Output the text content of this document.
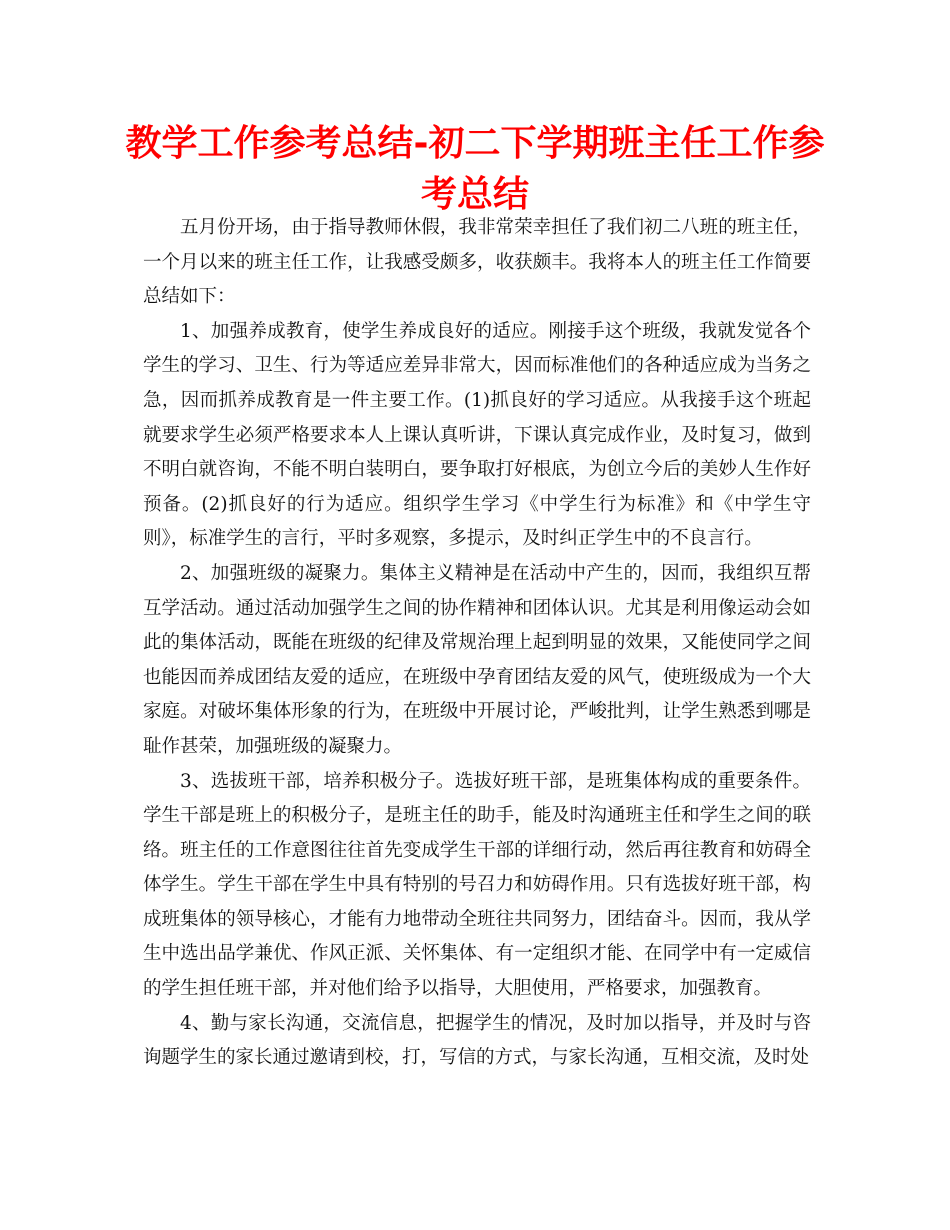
教学工作参考总结-初二下学期班主任工作参考总结

五月份开场，由于指导教师休假，我非常荣幸担任了我们初二八班的班主任，一个月以来的班主任工作，让我感受颇多，收获颇丰。我将本人的班主任工作简要总结如下：

1、加强养成教育，使学生养成良好的适应。刚接手这个班级，我就发觉各个学生的学习、卫生、行为等适应差异非常大，因而标准他们的各种适应成为当务之急，因而抓养成教育是一件主要工作。(1)抓良好的学习适应。从我接手这个班起就要求学生必须严格要求本人上课认真听讲，下课认真完成作业，及时复习，做到不明白就咨询，不能不明白装明白，要争取打好根底，为创立今后的美妙人生作好预备。(2)抓良好的行为适应。组织学生学习《中学生行为标准》和《中学生守则》，标准学生的言行，平时多观察，多提示，及时纠正学生中的不良言行。

2、加强班级的凝聚力。集体主义精神是在活动中产生的，因而，我组织互帮互学活动。通过活动加强学生之间的协作精神和团体认识。尤其是利用像运动会如此的集体活动，既能在班级的纪律及常规治理上起到明显的效果，又能使同学之间也能因而养成团结友爱的适应，在班级中孕育团结友爱的风气，使班级成为一个大家庭。对破坏集体形象的行为，在班级中开展讨论，严峻批判，让学生熟悉到哪是耻作甚荣，加强班级的凝聚力。

3、选拔班干部，培养积极分子。选拔好班干部，是班集体构成的重要条件。学生干部是班上的积极分子，是班主任的助手，能及时沟通班主任和学生之间的联络。班主任的工作意图往往首先变成学生干部的详细行动，然后再往教育和妨碍全体学生。学生干部在学生中具有特别的号召力和妨碍作用。只有选拔好班干部，构成班集体的领导核心，才能有力地带动全班往共同努力，团结奋斗。因而，我从学生中选出品学兼优、作风正派、关怀集体、有一定组织才能、在同学中有一定威信的学生担任班干部，并对他们给予以指导，大胆使用，严格要求，加强教育。

4、勤与家长沟通，交流信息，把握学生的情况，及时加以指导，并及时与咨询题学生的家长通过邀请到校，打，写信的方式，与家长沟通，互相交流，及时处
